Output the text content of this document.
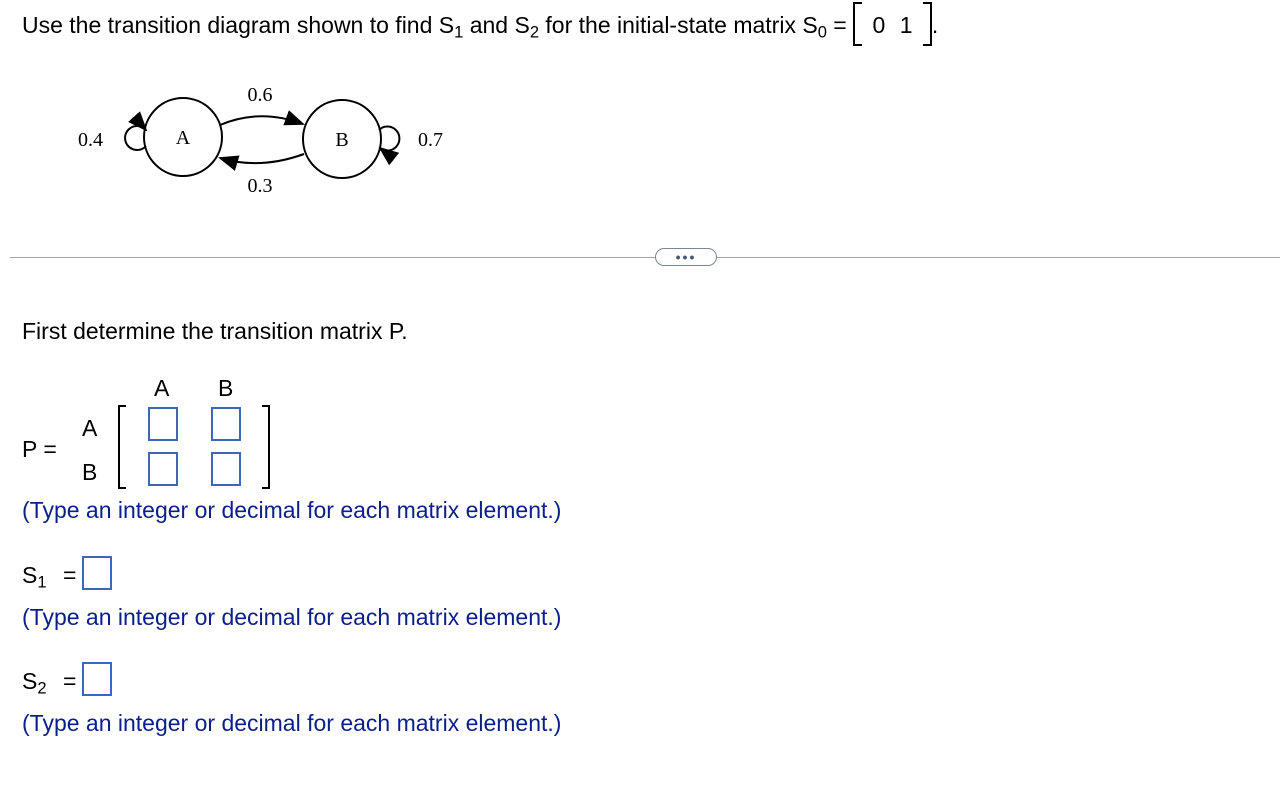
Use the transition diagram shown to find $S_1$ and $S_2$ for the initial-state matrix $S_0 = 0$ 1 .
A	B
0.6
0.3
0.4	0.7
•••
First determine the transition matrix P.
A B
P =
A
B
(Type an integer or decimal for each matrix element.)
$S_1$ =
(Type an integer or decimal for each matrix element.)
$S_2$ =
(Type an integer or decimal for each matrix element.)
